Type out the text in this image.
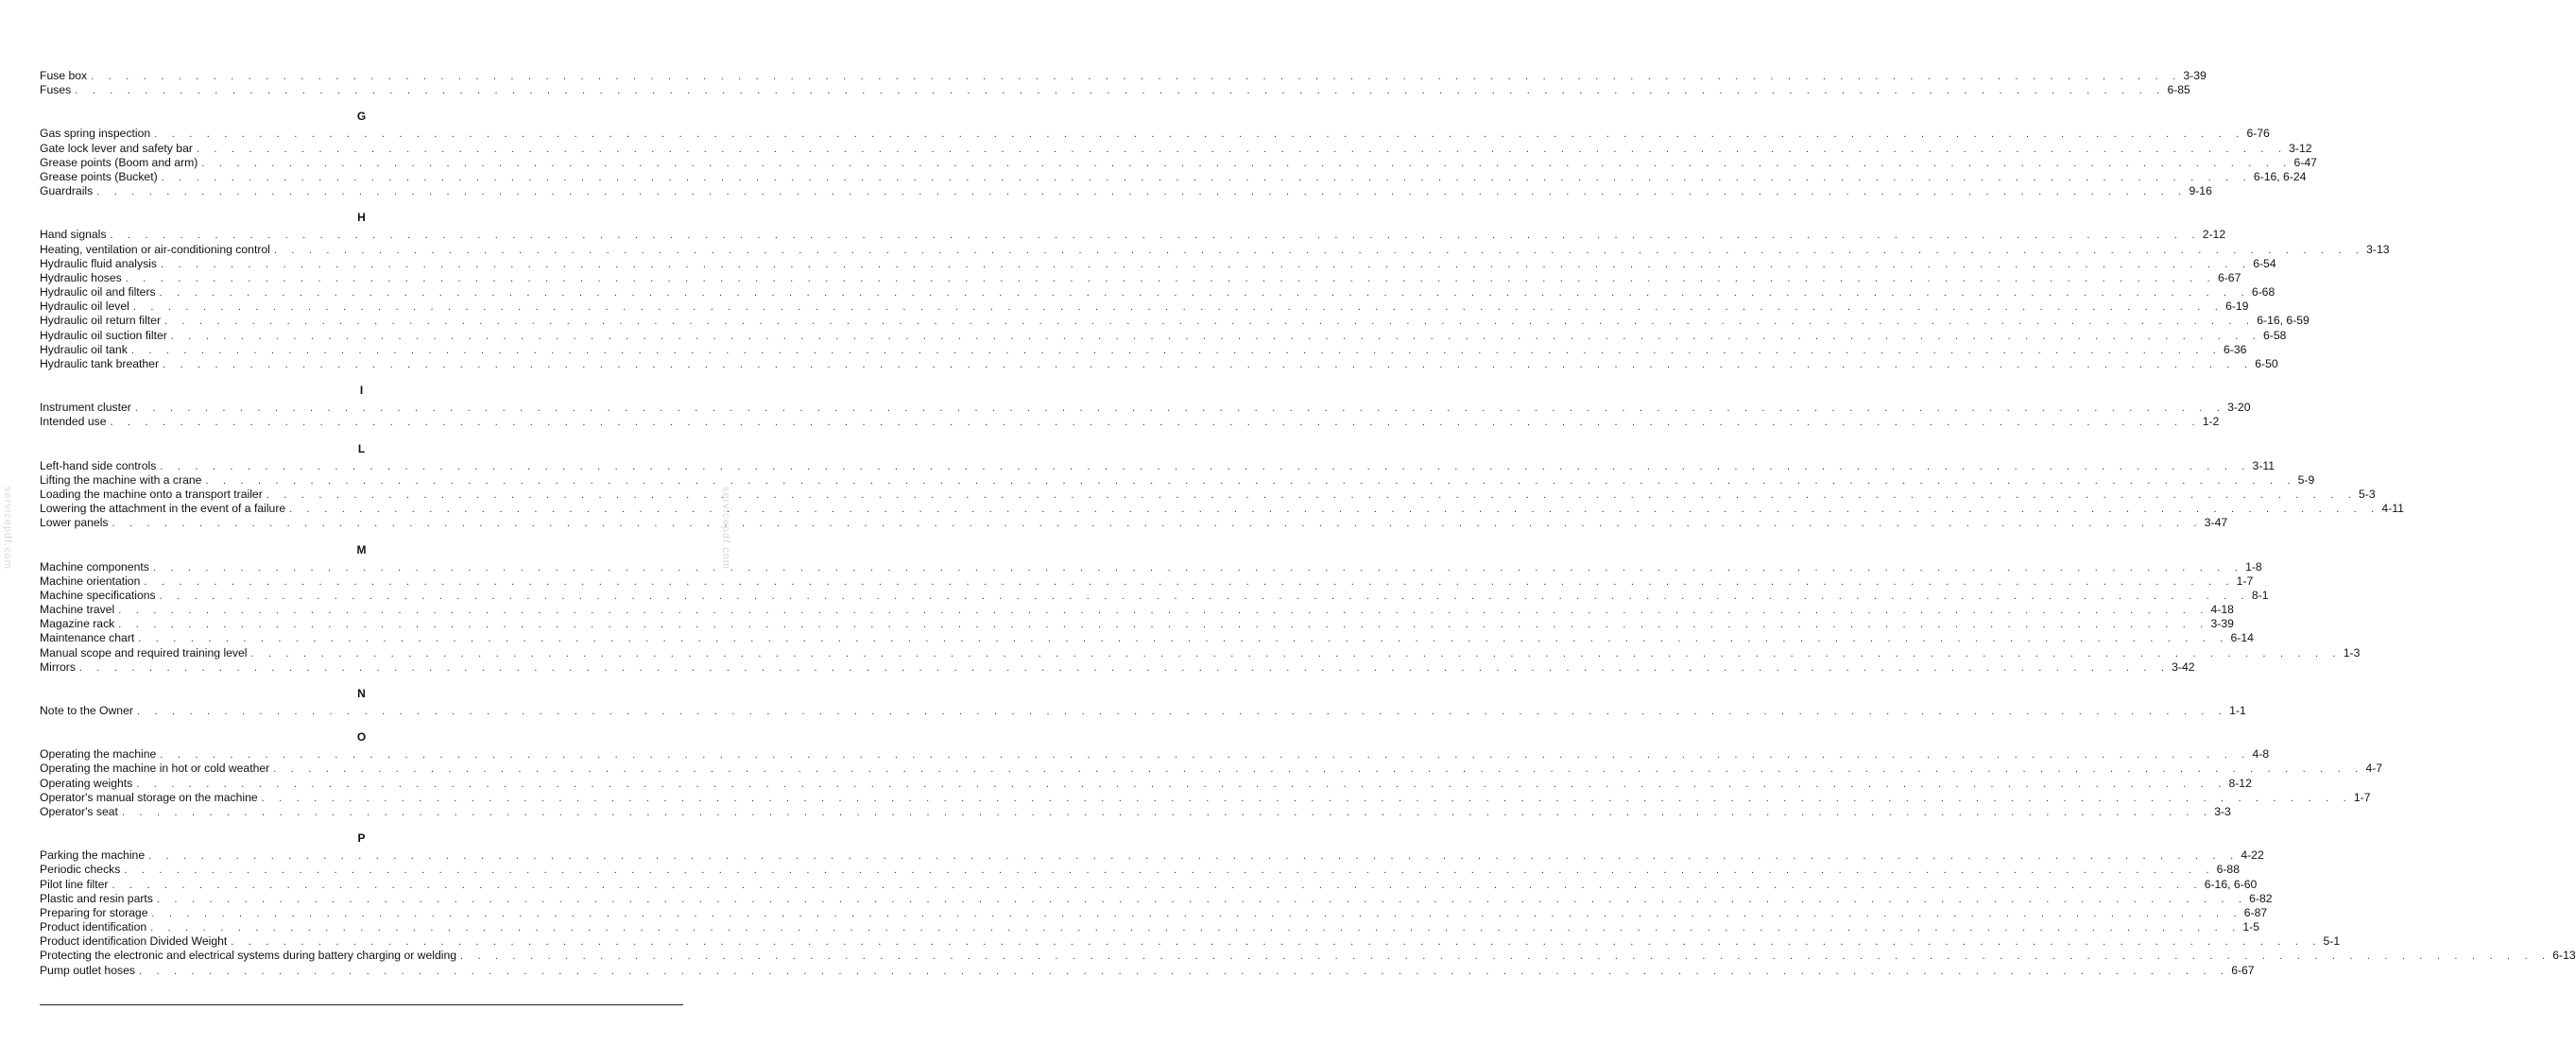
servicepdf.com	servicepdf.com
Fuse box . . . . . . . . . . . . . . . . . . . . . . . . . . . . . . . . . . . . . . . . . . . . . . . . . . . . . . . . . . . . . . . . . . . . . . . . . . . . . . . . . . . . . . . . . . . . . . . . . . . . . . . . . . . . . . . . . . . . . . . . 3-39
Fuses . . . . . . . . . . . . . . . . . . . . . . . . . . . . . . . . . . . . . . . . . . . . . . . . . . . . . . . . . . . . . . . . . . . . . . . . . . . . . . . . . . . . . . . . . . . . . . . . . . . . . . . . . . . . . . . . . . . . . . . . 6-85
G
Gas spring inspection . . . . . . . . . . . . . . . . . . . . . . . . . . . . . . . . . . . . . . . . . . . . . . . . . . . . . . . . . . . . . . . . . . . . . . . . . . . . . . . . . . . . . . . . . . . . . . . . . . . . . . . . . . . . . . . . . . . . . . . . 6-76
Gate lock lever and safety bar . . . . . . . . . . . . . . . . . . . . . . . . . . . . . . . . . . . . . . . . . . . . . . . . . . . . . . . . . . . . . . . . . . . . . . . . . . . . . . . . . . . . . . . . . . . . . . . . . . . . . . . . . . . . . . . . . . . . . . . . 3-12
Grease points (Boom and arm) . . . . . . . . . . . . . . . . . . . . . . . . . . . . . . . . . . . . . . . . . . . . . . . . . . . . . . . . . . . . . . . . . . . . . . . . . . . . . . . . . . . . . . . . . . . . . . . . . . . . . . . . . . . . . . . . . . . . . . . . 6-47
Grease points (Bucket) . . . . . . . . . . . . . . . . . . . . . . . . . . . . . . . . . . . . . . . . . . . . . . . . . . . . . . . . . . . . . . . . . . . . . . . . . . . . . . . . . . . . . . . . . . . . . . . . . . . . . . . . . . . . . . . . . . . . . . . . 6-16, 6-24
Guardrails . . . . . . . . . . . . . . . . . . . . . . . . . . . . . . . . . . . . . . . . . . . . . . . . . . . . . . . . . . . . . . . . . . . . . . . . . . . . . . . . . . . . . . . . . . . . . . . . . . . . . . . . . . . . . . . . . . . . . . . . 9-16
H
Hand signals . . . . . . . . . . . . . . . . . . . . . . . . . . . . . . . . . . . . . . . . . . . . . . . . . . . . . . . . . . . . . . . . . . . . . . . . . . . . . . . . . . . . . . . . . . . . . . . . . . . . . . . . . . . . . . . . . . . . . . . . 2-12
Heating, ventilation or air-conditioning control . . . . . . . . . . . . . . . . . . . . . . . . . . . . . . . . . . . . . . . . . . . . . . . . . . . . . . . . . . . . . . . . . . . . . . . . . . . . . . . . . . . . . . . . . . . . . . . . . . . . . . . . . . . . . . . . . . . . . . . . 3-13
Hydraulic fluid analysis . . . . . . . . . . . . . . . . . . . . . . . . . . . . . . . . . . . . . . . . . . . . . . . . . . . . . . . . . . . . . . . . . . . . . . . . . . . . . . . . . . . . . . . . . . . . . . . . . . . . . . . . . . . . . . . . . . . . . . . . 6-54
Hydraulic hoses . . . . . . . . . . . . . . . . . . . . . . . . . . . . . . . . . . . . . . . . . . . . . . . . . . . . . . . . . . . . . . . . . . . . . . . . . . . . . . . . . . . . . . . . . . . . . . . . . . . . . . . . . . . . . . . . . . . . . . . . 6-67
Hydraulic oil and filters . . . . . . . . . . . . . . . . . . . . . . . . . . . . . . . . . . . . . . . . . . . . . . . . . . . . . . . . . . . . . . . . . . . . . . . . . . . . . . . . . . . . . . . . . . . . . . . . . . . . . . . . . . . . . . . . . . . . . . . . 6-68
Hydraulic oil level . . . . . . . . . . . . . . . . . . . . . . . . . . . . . . . . . . . . . . . . . . . . . . . . . . . . . . . . . . . . . . . . . . . . . . . . . . . . . . . . . . . . . . . . . . . . . . . . . . . . . . . . . . . . . . . . . . . . . . . . 6-19
Hydraulic oil return filter . . . . . . . . . . . . . . . . . . . . . . . . . . . . . . . . . . . . . . . . . . . . . . . . . . . . . . . . . . . . . . . . . . . . . . . . . . . . . . . . . . . . . . . . . . . . . . . . . . . . . . . . . . . . . . . . . . . . . . . . 6-16, 6-59
Hydraulic oil suction filter . . . . . . . . . . . . . . . . . . . . . . . . . . . . . . . . . . . . . . . . . . . . . . . . . . . . . . . . . . . . . . . . . . . . . . . . . . . . . . . . . . . . . . . . . . . . . . . . . . . . . . . . . . . . . . . . . . . . . . . . 6-58
Hydraulic oil tank . . . . . . . . . . . . . . . . . . . . . . . . . . . . . . . . . . . . . . . . . . . . . . . . . . . . . . . . . . . . . . . . . . . . . . . . . . . . . . . . . . . . . . . . . . . . . . . . . . . . . . . . . . . . . . . . . . . . . . . . 6-36
Hydraulic tank breather . . . . . . . . . . . . . . . . . . . . . . . . . . . . . . . . . . . . . . . . . . . . . . . . . . . . . . . . . . . . . . . . . . . . . . . . . . . . . . . . . . . . . . . . . . . . . . . . . . . . . . . . . . . . . . . . . . . . . . . . 6-50
I
Instrument cluster . . . . . . . . . . . . . . . . . . . . . . . . . . . . . . . . . . . . . . . . . . . . . . . . . . . . . . . . . . . . . . . . . . . . . . . . . . . . . . . . . . . . . . . . . . . . . . . . . . . . . . . . . . . . . . . . . . . . . . . . 3-20
Intended use . . . . . . . . . . . . . . . . . . . . . . . . . . . . . . . . . . . . . . . . . . . . . . . . . . . . . . . . . . . . . . . . . . . . . . . . . . . . . . . . . . . . . . . . . . . . . . . . . . . . . . . . . . . . . . . . . . . . . . . . 1-2
L
Left-hand side controls . . . . . . . . . . . . . . . . . . . . . . . . . . . . . . . . . . . . . . . . . . . . . . . . . . . . . . . . . . . . . . . . . . . . . . . . . . . . . . . . . . . . . . . . . . . . . . . . . . . . . . . . . . . . . . . . . . . . . . . . 3-11
Lifting the machine with a crane . . . . . . . . . . . . . . . . . . . . . . . . . . . . . . . . . . . . . . . . . . . . . . . . . . . . . . . . . . . . . . . . . . . . . . . . . . . . . . . . . . . . . . . . . . . . . . . . . . . . . . . . . . . . . . . . . . . . . . . . 5-9
Loading the machine onto a transport trailer . . . . . . . . . . . . . . . . . . . . . . . . . . . . . . . . . . . . . . . . . . . . . . . . . . . . . . . . . . . . . . . . . . . . . . . . . . . . . . . . . . . . . . . . . . . . . . . . . . . . . . . . . . . . . . . . . . . . . . . . 5-3
Lowering the attachment in the event of a failure . . . . . . . . . . . . . . . . . . . . . . . . . . . . . . . . . . . . . . . . . . . . . . . . . . . . . . . . . . . . . . . . . . . . . . . . . . . . . . . . . . . . . . . . . . . . . . . . . . . . . . . . . . . . . . . . . . . . . . . . 4-11
Lower panels . . . . . . . . . . . . . . . . . . . . . . . . . . . . . . . . . . . . . . . . . . . . . . . . . . . . . . . . . . . . . . . . . . . . . . . . . . . . . . . . . . . . . . . . . . . . . . . . . . . . . . . . . . . . . . . . . . . . . . . . 3-47
M
Machine components . . . . . . . . . . . . . . . . . . . . . . . . . . . . . . . . . . . . . . . . . . . . . . . . . . . . . . . . . . . . . . . . . . . . . . . . . . . . . . . . . . . . . . . . . . . . . . . . . . . . . . . . . . . . . . . . . . . . . . . . 1-8
Machine orientation . . . . . . . . . . . . . . . . . . . . . . . . . . . . . . . . . . . . . . . . . . . . . . . . . . . . . . . . . . . . . . . . . . . . . . . . . . . . . . . . . . . . . . . . . . . . . . . . . . . . . . . . . . . . . . . . . . . . . . . . 1-7
Machine specifications . . . . . . . . . . . . . . . . . . . . . . . . . . . . . . . . . . . . . . . . . . . . . . . . . . . . . . . . . . . . . . . . . . . . . . . . . . . . . . . . . . . . . . . . . . . . . . . . . . . . . . . . . . . . . . . . . . . . . . . . 8-1
Machine travel . . . . . . . . . . . . . . . . . . . . . . . . . . . . . . . . . . . . . . . . . . . . . . . . . . . . . . . . . . . . . . . . . . . . . . . . . . . . . . . . . . . . . . . . . . . . . . . . . . . . . . . . . . . . . . . . . . . . . . . . 4-18
Magazine rack . . . . . . . . . . . . . . . . . . . . . . . . . . . . . . . . . . . . . . . . . . . . . . . . . . . . . . . . . . . . . . . . . . . . . . . . . . . . . . . . . . . . . . . . . . . . . . . . . . . . . . . . . . . . . . . . . . . . . . . . 3-39
Maintenance chart . . . . . . . . . . . . . . . . . . . . . . . . . . . . . . . . . . . . . . . . . . . . . . . . . . . . . . . . . . . . . . . . . . . . . . . . . . . . . . . . . . . . . . . . . . . . . . . . . . . . . . . . . . . . . . . . . . . . . . . . 6-14
Manual scope and required training level . . . . . . . . . . . . . . . . . . . . . . . . . . . . . . . . . . . . . . . . . . . . . . . . . . . . . . . . . . . . . . . . . . . . . . . . . . . . . . . . . . . . . . . . . . . . . . . . . . . . . . . . . . . . . . . . . . . . . . . . 1-3
Mirrors . . . . . . . . . . . . . . . . . . . . . . . . . . . . . . . . . . . . . . . . . . . . . . . . . . . . . . . . . . . . . . . . . . . . . . . . . . . . . . . . . . . . . . . . . . . . . . . . . . . . . . . . . . . . . . . . . . . . . . . . 3-42
N
Note to the Owner . . . . . . . . . . . . . . . . . . . . . . . . . . . . . . . . . . . . . . . . . . . . . . . . . . . . . . . . . . . . . . . . . . . . . . . . . . . . . . . . . . . . . . . . . . . . . . . . . . . . . . . . . . . . . . . . . . . . . . . . 1-1
O
Operating the machine . . . . . . . . . . . . . . . . . . . . . . . . . . . . . . . . . . . . . . . . . . . . . . . . . . . . . . . . . . . . . . . . . . . . . . . . . . . . . . . . . . . . . . . . . . . . . . . . . . . . . . . . . . . . . . . . . . . . . . . . 4-8
Operating the machine in hot or cold weather . . . . . . . . . . . . . . . . . . . . . . . . . . . . . . . . . . . . . . . . . . . . . . . . . . . . . . . . . . . . . . . . . . . . . . . . . . . . . . . . . . . . . . . . . . . . . . . . . . . . . . . . . . . . . . . . . . . . . . . . 4-7
Operating weights . . . . . . . . . . . . . . . . . . . . . . . . . . . . . . . . . . . . . . . . . . . . . . . . . . . . . . . . . . . . . . . . . . . . . . . . . . . . . . . . . . . . . . . . . . . . . . . . . . . . . . . . . . . . . . . . . . . . . . . . 8-12
Operator's manual storage on the machine . . . . . . . . . . . . . . . . . . . . . . . . . . . . . . . . . . . . . . . . . . . . . . . . . . . . . . . . . . . . . . . . . . . . . . . . . . . . . . . . . . . . . . . . . . . . . . . . . . . . . . . . . . . . . . . . . . . . . . . . 1-7
Operator's seat . . . . . . . . . . . . . . . . . . . . . . . . . . . . . . . . . . . . . . . . . . . . . . . . . . . . . . . . . . . . . . . . . . . . . . . . . . . . . . . . . . . . . . . . . . . . . . . . . . . . . . . . . . . . . . . . . . . . . . . . 3-3
P
Parking the machine . . . . . . . . . . . . . . . . . . . . . . . . . . . . . . . . . . . . . . . . . . . . . . . . . . . . . . . . . . . . . . . . . . . . . . . . . . . . . . . . . . . . . . . . . . . . . . . . . . . . . . . . . . . . . . . . . . . . . . . . 4-22
Periodic checks . . . . . . . . . . . . . . . . . . . . . . . . . . . . . . . . . . . . . . . . . . . . . . . . . . . . . . . . . . . . . . . . . . . . . . . . . . . . . . . . . . . . . . . . . . . . . . . . . . . . . . . . . . . . . . . . . . . . . . . . 6-88
Pilot line filter . . . . . . . . . . . . . . . . . . . . . . . . . . . . . . . . . . . . . . . . . . . . . . . . . . . . . . . . . . . . . . . . . . . . . . . . . . . . . . . . . . . . . . . . . . . . . . . . . . . . . . . . . . . . . . . . . . . . . . . . 6-16, 6-60
Plastic and resin parts . . . . . . . . . . . . . . . . . . . . . . . . . . . . . . . . . . . . . . . . . . . . . . . . . . . . . . . . . . . . . . . . . . . . . . . . . . . . . . . . . . . . . . . . . . . . . . . . . . . . . . . . . . . . . . . . . . . . . . . . 6-82
Preparing for storage . . . . . . . . . . . . . . . . . . . . . . . . . . . . . . . . . . . . . . . . . . . . . . . . . . . . . . . . . . . . . . . . . . . . . . . . . . . . . . . . . . . . . . . . . . . . . . . . . . . . . . . . . . . . . . . . . . . . . . . . 6-87
Product identification . . . . . . . . . . . . . . . . . . . . . . . . . . . . . . . . . . . . . . . . . . . . . . . . . . . . . . . . . . . . . . . . . . . . . . . . . . . . . . . . . . . . . . . . . . . . . . . . . . . . . . . . . . . . . . . . . . . . . . . . 1-5
Product identification Divided Weight . . . . . . . . . . . . . . . . . . . . . . . . . . . . . . . . . . . . . . . . . . . . . . . . . . . . . . . . . . . . . . . . . . . . . . . . . . . . . . . . . . . . . . . . . . . . . . . . . . . . . . . . . . . . . . . . . . . . . . . . 5-1
Protecting the electronic and electrical systems during battery charging or welding . . . . . . . . . . . . . . . . . . . . . . . . . . . . . . . . . . . . . . . . . . . . . . . . . . . . . . . . . . . . . . . . . . . . . . . . . . . . . . . . . . . . . . . . . . . . . . . . . . . . . . . . . . . . . . . . . . . . . . . . 6-13
Pump outlet hoses . . . . . . . . . . . . . . . . . . . . . . . . . . . . . . . . . . . . . . . . . . . . . . . . . . . . . . . . . . . . . . . . . . . . . . . . . . . . . . . . . . . . . . . . . . . . . . . . . . . . . . . . . . . . . . . . . . . . . . . . 6-67
